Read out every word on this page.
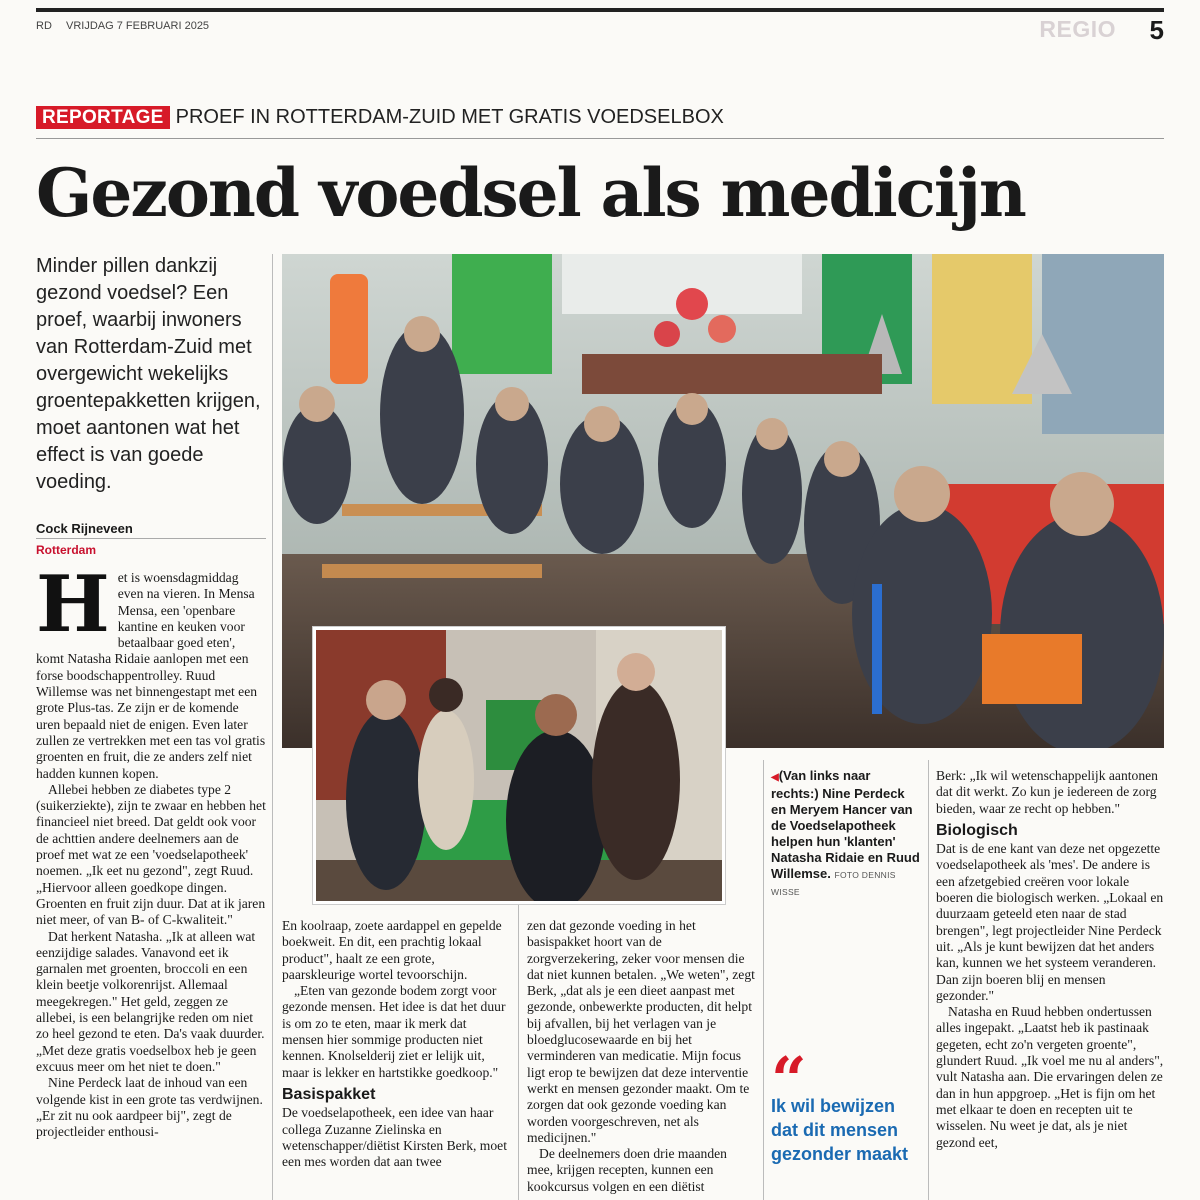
RD VRIJDAG 7 FEBRUARI 2025	REGIO 5
REPORTAGE PROEF IN ROTTERDAM-ZUID MET GRATIS VOEDSELBOX
Gezond voedsel als medicijn
Minder pillen dankzij gezond voedsel? Een proef, waarbij inwoners van Rotterdam-Zuid met overgewicht wekelijks groentepakketten krijgen, moet aantonen wat het effect is van goede voeding.
Cock Rijneveen
Rotterdam

Het is woensdagmiddag even na vieren. In Mensa Mensa, een 'openbare kantine en keuken voor betaalbaar goed eten', komt Natasha Ridaie aanlopen met een forse boodschappentrolley. Ruud Willemse was net binnengestapt met een grote Plus-tas. Ze zijn er de komende uren bepaald niet de enigen. Even later zullen ze vertrekken met een tas vol gratis groenten en fruit, die ze anders zelf niet hadden kunnen kopen.

Allebei hebben ze diabetes type 2 (suikerziekte), zijn te zwaar en hebben het financieel niet breed. Dat geldt ook voor de achttien andere deelnemers aan de proef met wat ze een 'voedselapotheek' noemen. „Ik eet nu gezond", zegt Ruud. „Hiervoor alleen goedkope dingen. Groenten en fruit zijn duur. Dat at ik jaren niet meer, of van B- of C-kwaliteit."

Dat herkent Natasha. „Ik at alleen wat eenzijdige salades. Vanavond eet ik garnalen met groenten, broccoli en een klein beetje volkorenrijst. Allemaal meegekregen." Het geld, zeggen ze allebei, is een belangrijke reden om niet zo heel gezond te eten. Da's vaak duurder. „Met deze gratis voedselbox heb je geen excuus meer om het niet te doen."

Nine Perdeck laat de inhoud van een volgende kist in een grote tas verdwijnen. „Er zit nu ook aardpeer bij", zegt de projectleider enthousi-

En koolraap, zoete aardappel en gepelde boekweit. En dit, een prachtig lokaal product", haalt ze een grote, paarskleurige wortel tevoorschijn.

„Eten van gezonde bodem zorgt voor gezonde mensen. Het idee is dat het duur is om zo te eten, maar ik merk dat mensen hier sommige producten niet kennen. Knolselderij ziet er lelijk uit, maar is lekker en hartstikke goedkoop."

Basispakket

De voedselapotheek, een idee van haar collega Zuzanne Zielinska en wetenschapper/diëtist Kirsten Berk, moet een mes worden dat aan twee

zen dat gezonde voeding in het basispakket hoort van de zorgverzekering, zeker voor mensen die dat niet kunnen betalen. „We weten", zegt Berk, „dat als je een dieet aanpast met gezonde, onbewerkte producten, dit helpt bij afvallen, bij het verlagen van je bloedglucosewaarde en bij het verminderen van medicatie. Mijn focus ligt erop te bewijzen dat deze interventie werkt en mensen gezonder maakt. Om te zorgen dat ook gezonde voeding kan worden voorgeschreven, net als medicijnen."

De deelnemers doen drie maanden mee, krijgen recepten, kunnen een kookcursus volgen en een diëtist

◀(Van links naar rechts:) Nine Perdeck en Meryem Hancer van de Voedselapotheek helpen hun 'klanten' Natasha Ridaie en Ruud Willemse. FOTO DENNIS WISSE
“
Ik wil bewijzen dat dit mensen gezonder maakt

Berk: „Ik wil wetenschappelijk aantonen dat dit werkt. Zo kun je iedereen de zorg bieden, waar ze recht op hebben."

Biologisch

Dat is de ene kant van deze net opgezette voedselapotheek als 'mes'. De andere is een afzetgebied creëren voor lokale boeren die biologisch werken. „Lokaal en duurzaam geteeld eten naar de stad brengen", legt projectleider Nine Perdeck uit. „Als je kunt bewijzen dat het anders kan, kunnen we het systeem veranderen. Dan zijn boeren blij en mensen gezonder."

Natasha en Ruud hebben ondertussen alles ingepakt. „Laatst heb ik pastinaak gegeten, echt zo'n vergeten groente", glundert Ruud. „Ik voel me nu al anders", vult Natasha aan. Die ervaringen delen ze dan in hun appgroep. „Het is fijn om het met elkaar te doen en recepten uit te wisselen. Nu weet je dat, als je niet gezond eet,
